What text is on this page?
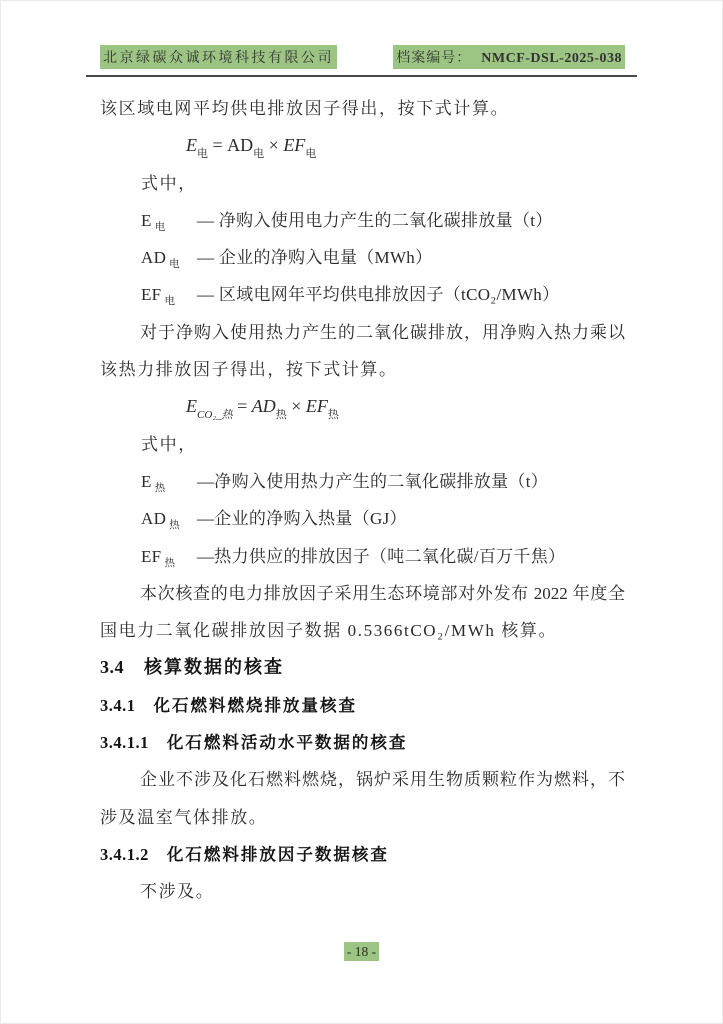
北京绿碳众诚环境科技有限公司	档案编号： NMCF-DSL-2025-038
该区域电网平均供电排放因子得出，按下式计算。
$E_电 = AD_电 \times EF_电$
式中，
E $_电$	— 净购入使用电力产生的二氧化碳排放量（t）
AD $_电$	— 企业的净购入电量（MWh）
EF $_电$	— 区域电网年平均供电排放因子（tCO₂/MWh）
对于净购入使用热力产生的二氧化碳排放，用净购入热力乘以
该热力排放因子得出，按下式计算。
$E_{CO_2\_热} = AD_热 \times EF_热$
式中，
E $_热$	—净购入使用热力产生的二氧化碳排放量（t）
AD $_热$	—企业的净购入热量（GJ）
EF $_热$	—热力供应的排放因子（吨二氧化碳/百万千焦）
本次核查的电力排放因子采用生态环境部对外发布 2022 年度全
国电力二氧化碳排放因子数据 0.5366tCO₂/MWh 核算。
3.4 核算数据的核查
3.4.1 化石燃料燃烧排放量核查
3.4.1.1 化石燃料活动水平数据的核查
企业不涉及化石燃料燃烧，锅炉采用生物质颗粒作为燃料，不
涉及温室气体排放。
3.4.1.2 化石燃料排放因子数据核查
不涉及。
- 18 -
